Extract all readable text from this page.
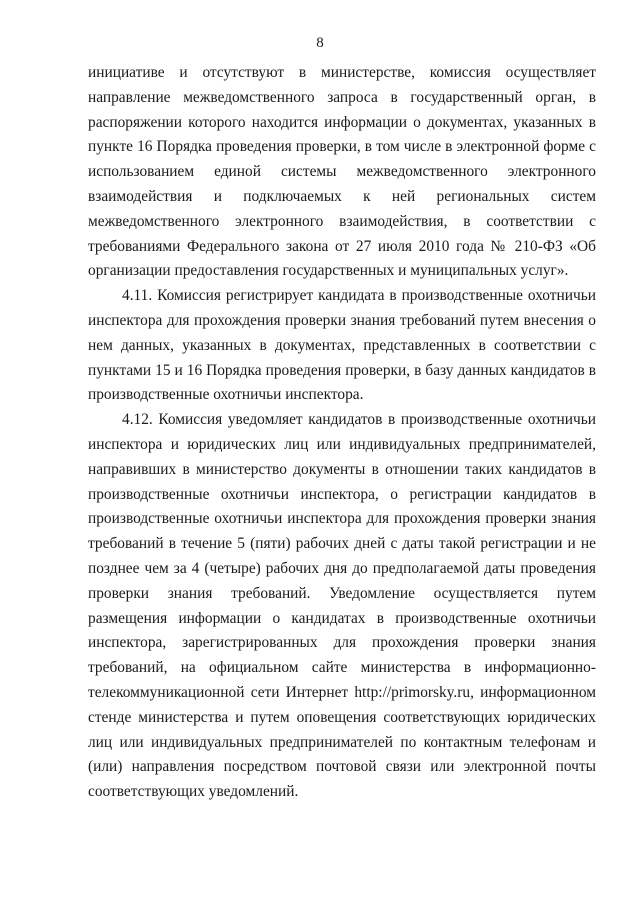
8

инициативе и отсутствуют в министерстве, комиссия осуществляет направление межведомственного запроса в государственный орган, в распоряжении которого находится информации о документах, указанных в пункте 16 Порядка проведения проверки, в том числе в электронной форме с использованием единой системы межведомственного электронного взаимодействия и подключаемых к ней региональных систем межведомственного электронного взаимодействия, в соответствии с требованиями Федерального закона от 27 июля 2010 года № 210-ФЗ «Об организации предоставления государственных и муниципальных услуг».

4.11. Комиссия регистрирует кандидата в производственные охотничьи инспектора для прохождения проверки знания требований путем внесения о нем данных, указанных в документах, представленных в соответствии с пунктами 15 и 16 Порядка проведения проверки, в базу данных кандидатов в производственные охотничьи инспектора.

4.12. Комиссия уведомляет кандидатов в производственные охотничьи инспектора и юридических лиц или индивидуальных предпринимателей, направивших в министерство документы в отношении таких кандидатов в производственные охотничьи инспектора, о регистрации кандидатов в производственные охотничьи инспектора для прохождения проверки знания требований в течение 5 (пяти) рабочих дней с даты такой регистрации и не позднее чем за 4 (четыре) рабочих дня до предполагаемой даты проведения проверки знания требований. Уведомление осуществляется путем размещения информации о кандидатах в производственные охотничьи инспектора, зарегистрированных для прохождения проверки знания требований, на официальном сайте министерства в информационно-телекоммуникационной сети Интернет http://primorsky.ru, информационном стенде министерства и путем оповещения соответствующих юридических лиц или индивидуальных предпринимателей по контактным телефонам и (или) направления посредством почтовой связи или электронной почты соответствующих уведомлений.
